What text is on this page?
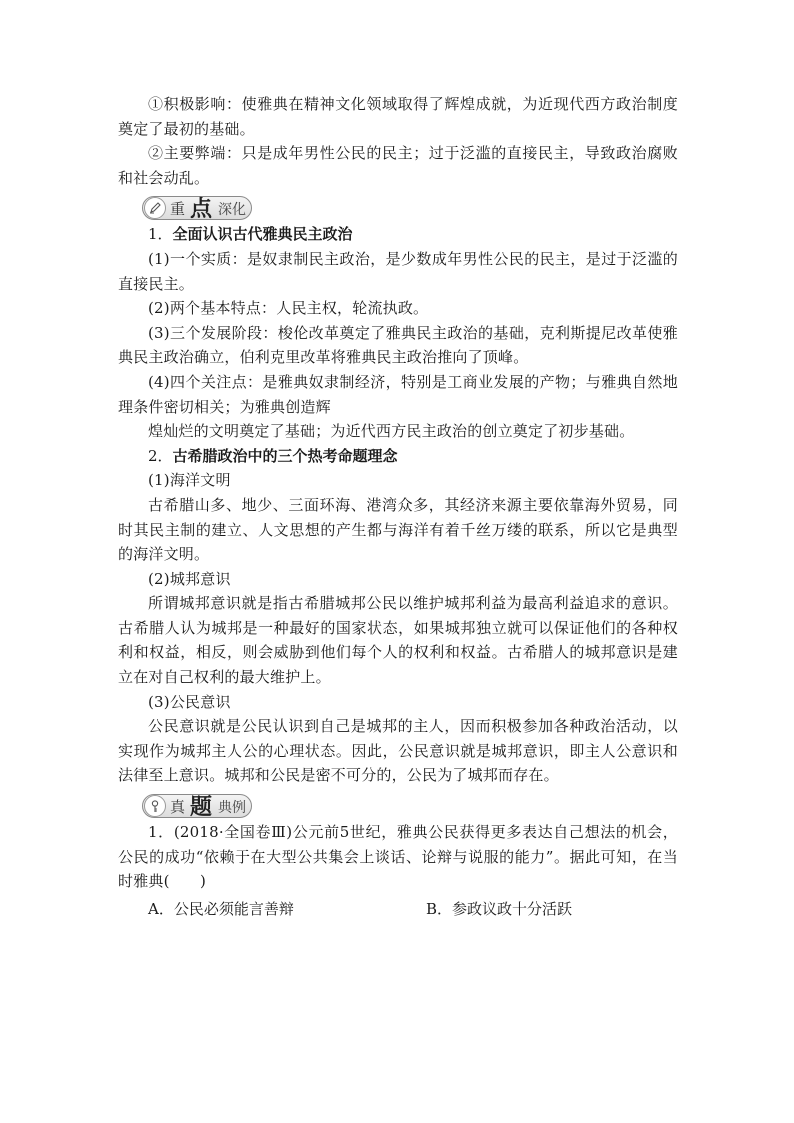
①积极影响：使雅典在精神文化领域取得了辉煌成就，为近现代西方政治制度奠定了最初的基础。

②主要弊端：只是成年男性公民的民主；过于泛滥的直接民主，导致政治腐败和社会动乱。

重 点 深化

1．全面认识古代雅典民主政治

(1)一个实质：是奴隶制民主政治，是少数成年男性公民的民主，是过于泛滥的直接民主。

(2)两个基本特点：人民主权，轮流执政。

(3)三个发展阶段：梭伦改革奠定了雅典民主政治的基础，克利斯提尼改革使雅典民主政治确立，伯利克里改革将雅典民主政治推向了顶峰。

(4)四个关注点：是雅典奴隶制经济，特别是工商业发展的产物；与雅典自然地理条件密切相关；为雅典创造辉

煌灿烂的文明奠定了基础；为近代西方民主政治的创立奠定了初步基础。

2．古希腊政治中的三个热考命题理念

(1)海洋文明

古希腊山多、地少、三面环海、港湾众多，其经济来源主要依靠海外贸易，同时其民主制的建立、人文思想的产生都与海洋有着千丝万缕的联系，所以它是典型的海洋文明。

(2)城邦意识

所谓城邦意识就是指古希腊城邦公民以维护城邦利益为最高利益追求的意识。古希腊人认为城邦是一种最好的国家状态，如果城邦独立就可以保证他们的各种权利和权益，相反，则会威胁到他们每个人的权利和权益。古希腊人的城邦意识是建立在对自己权利的最大维护上。

(3)公民意识

公民意识就是公民认识到自己是城邦的主人，因而积极参加各种政治活动，以实现作为城邦主人公的心理状态。因此，公民意识就是城邦意识，即主人公意识和法律至上意识。城邦和公民是密不可分的，公民为了城邦而存在。

真 题 典例

1．(2018·全国卷Ⅲ)公元前5世纪，雅典公民获得更多表达自己想法的机会，公民的成功“依赖于在大型公共集会上谈话、论辩与说服的能力”。据此可知，在当时雅典(　　)

A．公民必须能言善辩	B．参政议政十分活跃
